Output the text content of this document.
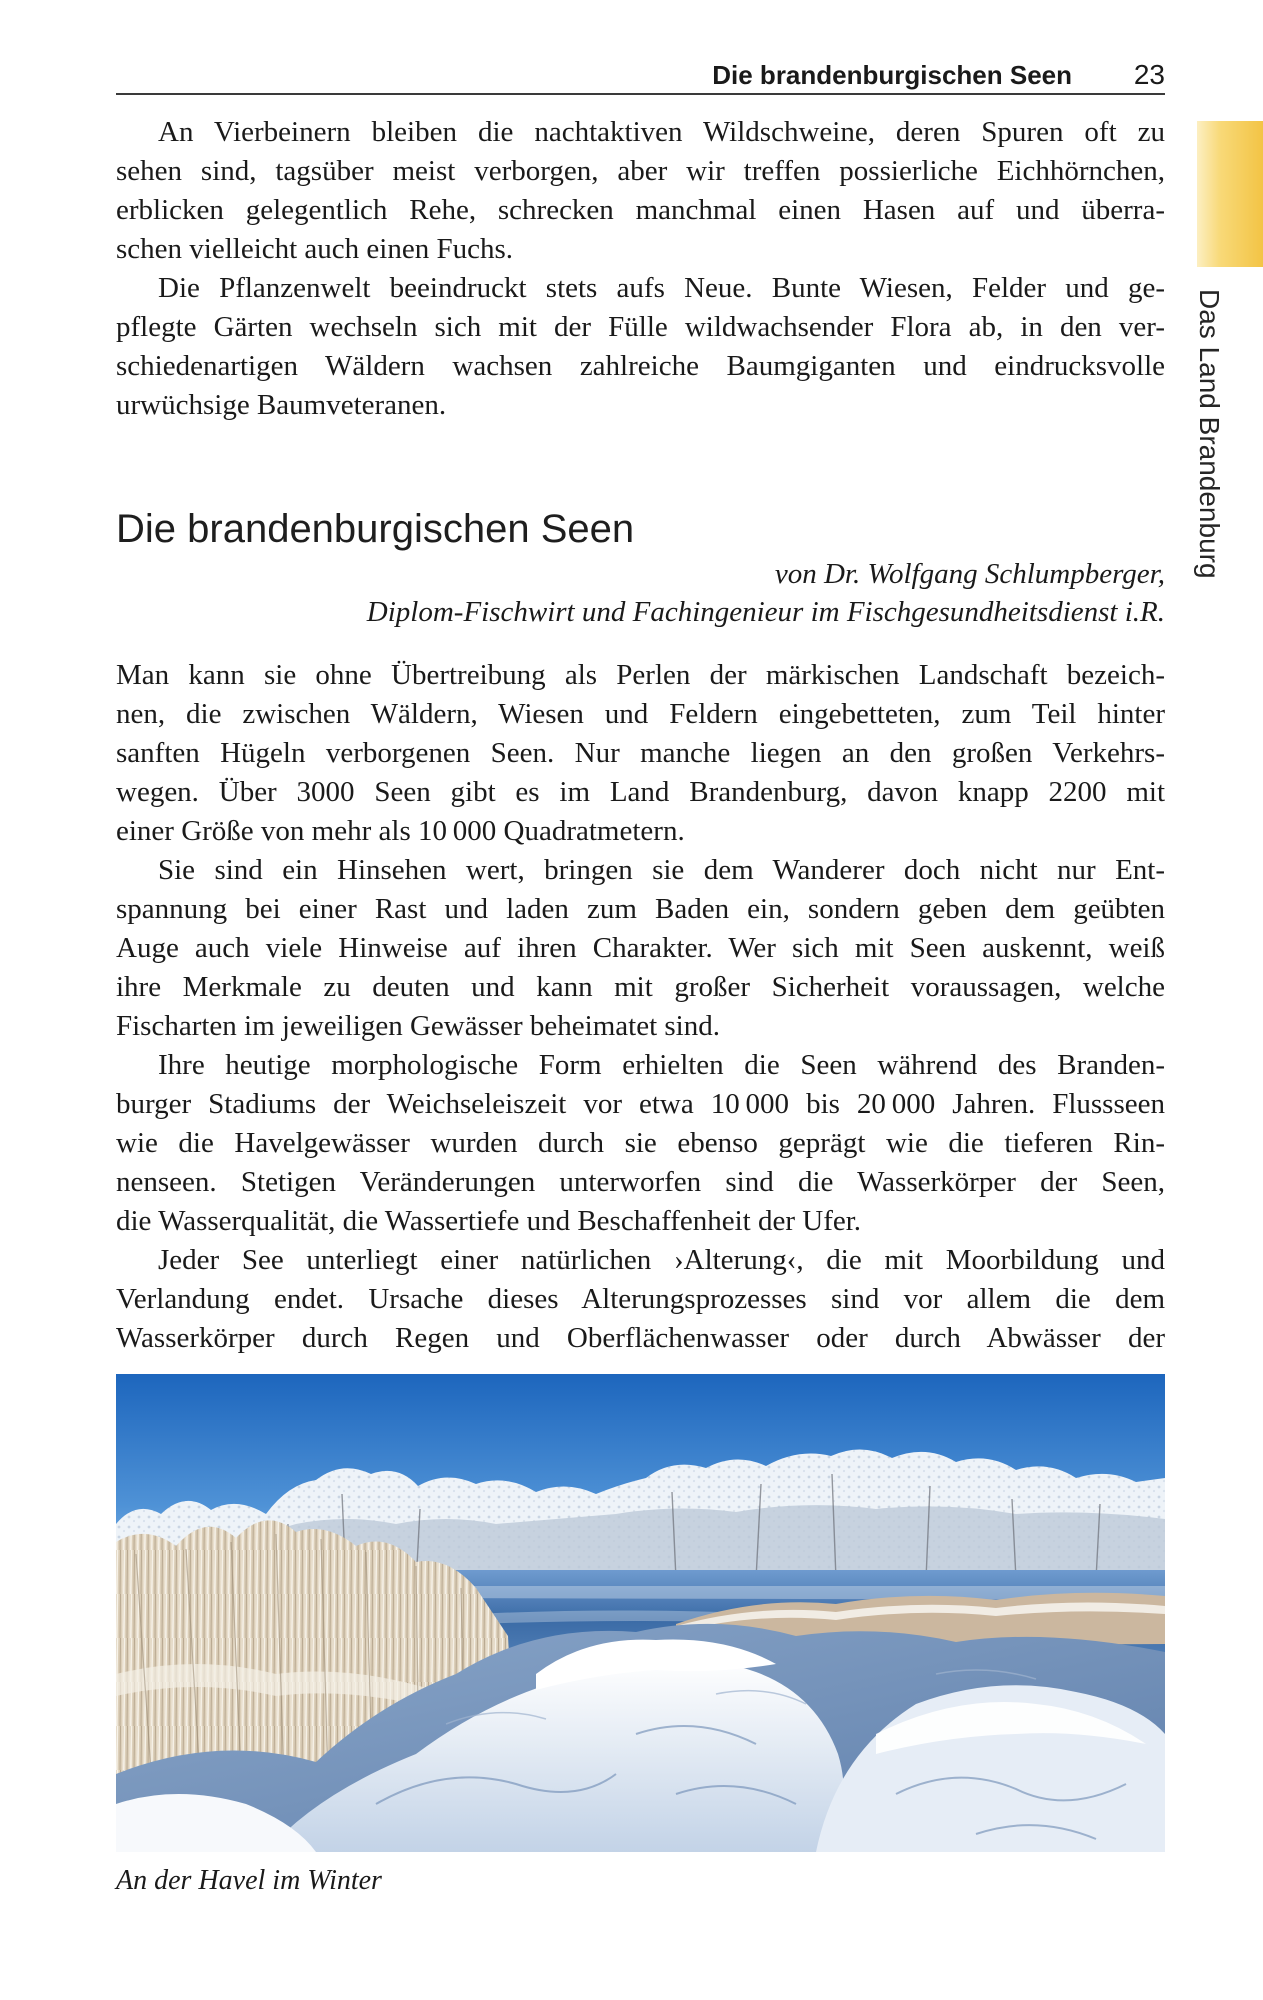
Die brandenburgischen Seen 23
Das Land Brandenburg
An Vierbeinern bleiben die nachtaktiven Wildschweine, deren Spuren oft zu
sehen sind, tagsüber meist verborgen, aber wir treffen possierliche Eichhörnchen,
erblicken gelegentlich Rehe, schrecken manchmal einen Hasen auf und überra-
schen vielleicht auch einen Fuchs.
Die Pflanzenwelt beeindruckt stets aufs Neue. Bunte Wiesen, Felder und ge-
pflegte Gärten wechseln sich mit der Fülle wildwachsender Flora ab, in den ver-
schiedenartigen Wäldern wachsen zahlreiche Baumgiganten und eindrucksvolle
urwüchsige Baumveteranen.
Die brandenburgischen Seen
von Dr. Wolfgang Schlumpberger,
Diplom-Fischwirt und Fachingenieur im Fischgesundheitsdienst i.R.
Man kann sie ohne Übertreibung als Perlen der märkischen Landschaft bezeich-
nen, die zwischen Wäldern, Wiesen und Feldern eingebetteten, zum Teil hinter
sanften Hügeln verborgenen Seen. Nur manche liegen an den großen Verkehrs-
wegen. Über 3000 Seen gibt es im Land Brandenburg, davon knapp 2200 mit
einer Größe von mehr als 10 000 Quadratmetern.
Sie sind ein Hinsehen wert, bringen sie dem Wanderer doch nicht nur Ent-
spannung bei einer Rast und laden zum Baden ein, sondern geben dem geübten
Auge auch viele Hinweise auf ihren Charakter. Wer sich mit Seen auskennt, weiß
ihre Merkmale zu deuten und kann mit großer Sicherheit voraussagen, welche
Fischarten im jeweiligen Gewässer beheimatet sind.
Ihre heutige morphologische Form erhielten die Seen während des Branden-
burger Stadiums der Weichseleiszeit vor etwa 10 000 bis 20 000 Jahren. Flussseen
wie die Havelgewässer wurden durch sie ebenso geprägt wie die tieferen Rin-
nenseen. Stetigen Veränderungen unterworfen sind die Wasserkörper der Seen,
die Wasserqualität, die Wassertiefe und Beschaffenheit der Ufer.
Jeder See unterliegt einer natürlichen ›Alterung‹, die mit Moorbildung und
Verlandung endet. Ursache dieses Alterungsprozesses sind vor allem die dem
Wasserkörper durch Regen und Oberflächenwasser oder durch Abwässer der
An der Havel im Winter
